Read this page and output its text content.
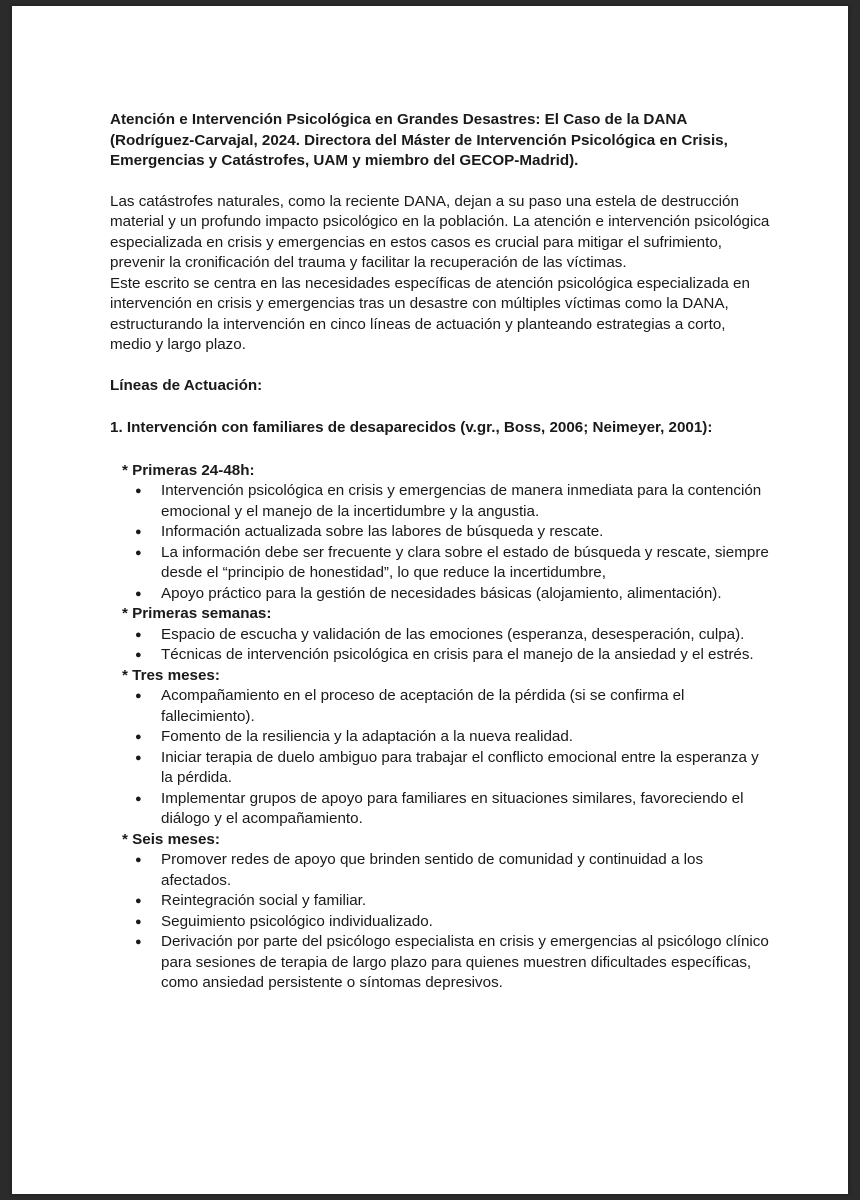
Atención e Intervención Psicológica en Grandes Desastres: El Caso de la DANA (Rodríguez-Carvajal, 2024. Directora del Máster de Intervención Psicológica en Crisis, Emergencias y Catástrofes, UAM y miembro del GECOP-Madrid).

Las catástrofes naturales, como la reciente DANA, dejan a su paso una estela de destrucción material y un profundo impacto psicológico en la población. La atención e intervención psicológica especializada en crisis y emergencias en estos casos es crucial para mitigar el sufrimiento, prevenir la cronificación del trauma y facilitar la recuperación de las víctimas.

Este escrito se centra en las necesidades específicas de atención psicológica especializada en intervención en crisis y emergencias tras un desastre con múltiples víctimas como la DANA, estructurando la intervención en cinco líneas de actuación y planteando estrategias a corto, medio y largo plazo.

Líneas de Actuación:

1. Intervención con familiares de desaparecidos (v.gr., Boss, 2006; Neimeyer, 2001):

* Primeras 24-48h:

● Intervención psicológica en crisis y emergencias de manera inmediata para la contención emocional y el manejo de la incertidumbre y la angustia.
● Información actualizada sobre las labores de búsqueda y rescate.
● La información debe ser frecuente y clara sobre el estado de búsqueda y rescate, siempre desde el “principio de honestidad”, lo que reduce la incertidumbre,
● Apoyo práctico para la gestión de necesidades básicas (alojamiento, alimentación).

* Primeras semanas:

● Espacio de escucha y validación de las emociones (esperanza, desesperación, culpa).
● Técnicas de intervención psicológica en crisis para el manejo de la ansiedad y el estrés.

* Tres meses:

● Acompañamiento en el proceso de aceptación de la pérdida (si se confirma el fallecimiento).
● Fomento de la resiliencia y la adaptación a la nueva realidad.
● Iniciar terapia de duelo ambiguo para trabajar el conflicto emocional entre la esperanza y la pérdida.
● Implementar grupos de apoyo para familiares en situaciones similares, favoreciendo el diálogo y el acompañamiento.

* Seis meses:

● Promover redes de apoyo que brinden sentido de comunidad y continuidad a los afectados.
● Reintegración social y familiar.
● Seguimiento psicológico individualizado.
● Derivación por parte del psicólogo especialista en crisis y emergencias al psicólogo clínico para sesiones de terapia de largo plazo para quienes muestren dificultades específicas, como ansiedad persistente o síntomas depresivos.
